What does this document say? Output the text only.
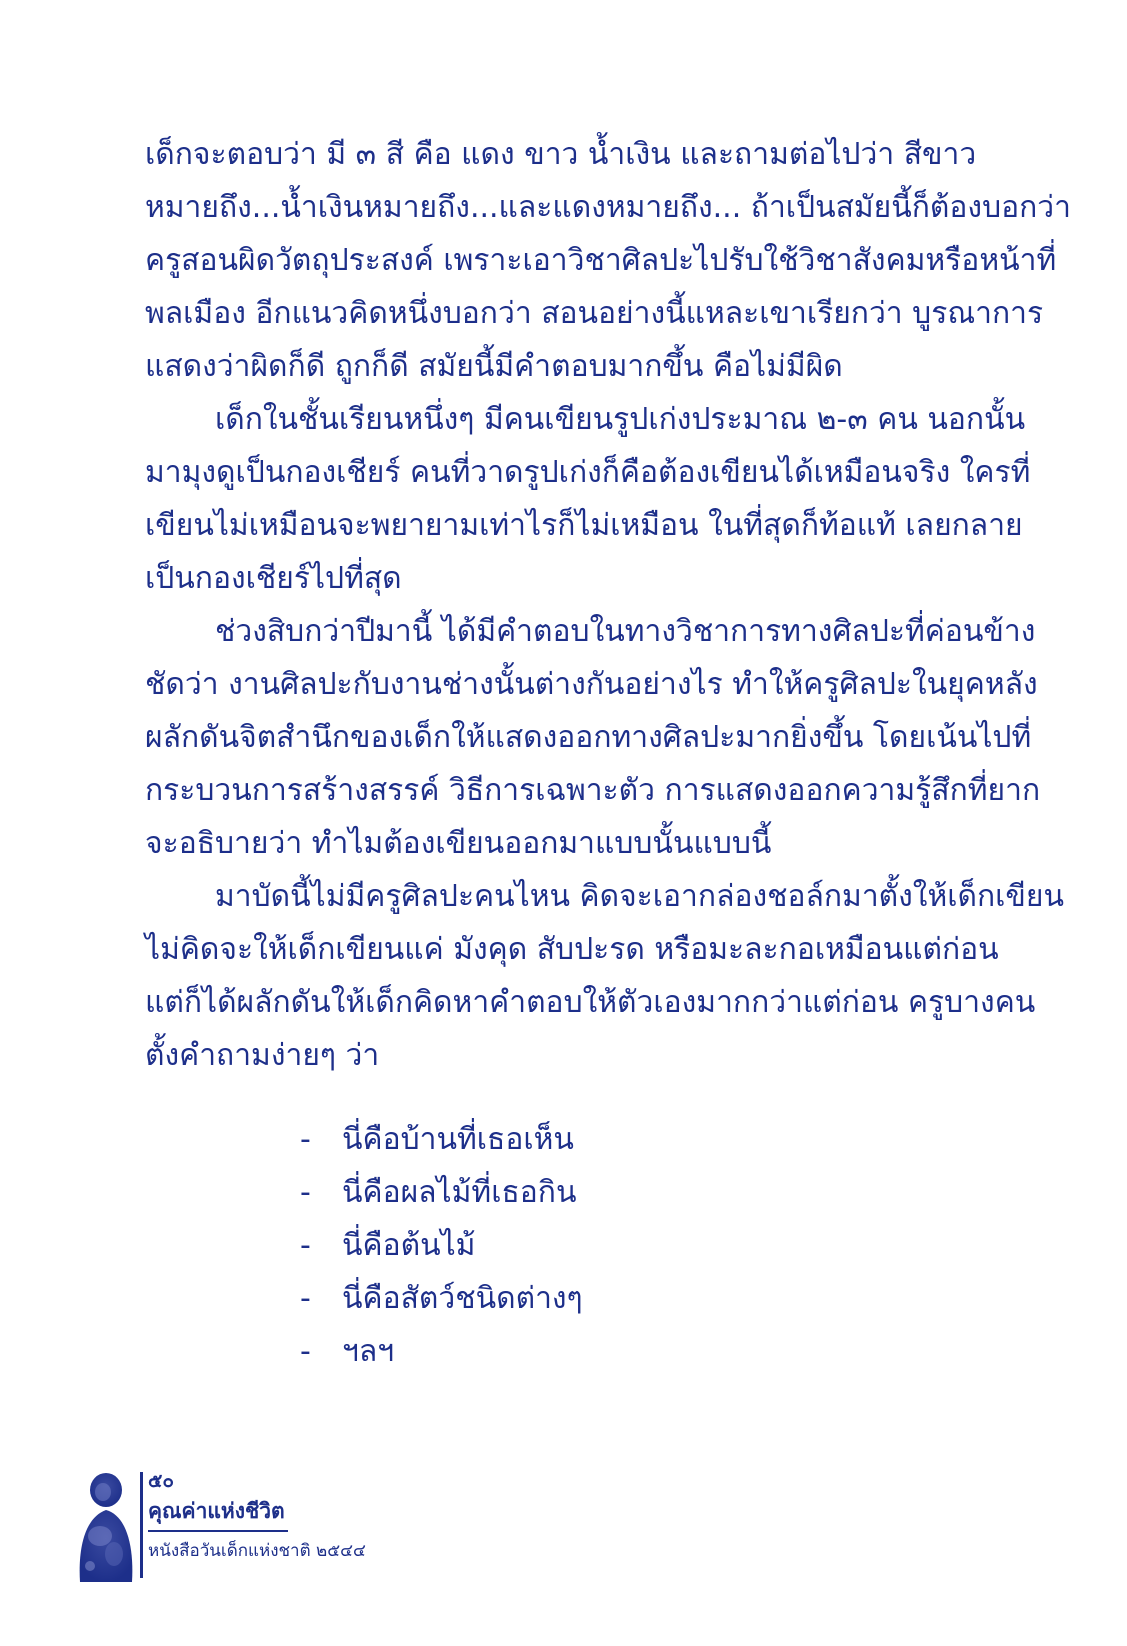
เด็กจะตอบว่า มี ๓ สี คือ แดง ขาว น้ำเงิน และถามต่อไปว่า สีขาว
หมายถึง...น้ำเงินหมายถึง...และแดงหมายถึง... ถ้าเป็นสมัยนี้ก็ต้องบอกว่า
ครูสอนผิดวัตถุประสงค์ เพราะเอาวิชาศิลปะไปรับใช้วิชาสังคมหรือหน้าที่
พลเมือง อีกแนวคิดหนึ่งบอกว่า สอนอย่างนี้แหละเขาเรียกว่า บูรณาการ
แสดงว่าผิดก็ดี ถูกก็ดี สมัยนี้มีคำตอบมากขึ้น คือไม่มีผิด
เด็กในชั้นเรียนหนึ่งๆ มีคนเขียนรูปเก่งประมาณ ๒-๓ คน นอกนั้น
มามุงดูเป็นกองเชียร์ คนที่วาดรูปเก่งก็คือต้องเขียนได้เหมือนจริง ใครที่
เขียนไม่เหมือนจะพยายามเท่าไรก็ไม่เหมือน ในที่สุดก็ท้อแท้ เลยกลาย
เป็นกองเชียร์ไปที่สุด
ช่วงสิบกว่าปีมานี้ ได้มีคำตอบในทางวิชาการทางศิลปะที่ค่อนข้าง
ชัดว่า งานศิลปะกับงานช่างนั้นต่างกันอย่างไร ทำให้ครูศิลปะในยุคหลัง
ผลักดันจิตสำนึกของเด็กให้แสดงออกทางศิลปะมากยิ่งขึ้น โดยเน้นไปที่
กระบวนการสร้างสรรค์ วิธีการเฉพาะตัว การแสดงออกความรู้สึกที่ยาก
จะอธิบายว่า ทำไมต้องเขียนออกมาแบบนั้นแบบนี้
มาบัดนี้ไม่มีครูศิลปะคนไหน คิดจะเอากล่องชอล์กมาตั้งให้เด็กเขียน
ไม่คิดจะให้เด็กเขียนแค่ มังคุด สับปะรด หรือมะละกอเหมือนแต่ก่อน
แต่ก็ได้ผลักดันให้เด็กคิดหาคำตอบให้ตัวเองมากกว่าแต่ก่อน ครูบางคน
ตั้งคำถามง่ายๆ ว่า
-	นี่คือบ้านที่เธอเห็น
-	นี่คือผลไม้ที่เธอกิน
-	นี่คือต้นไม้
-	นี่คือสัตว์ชนิดต่างๆ
-	ฯลฯ
๕๐
คุณค่าแห่งชีวิต
หนังสือวันเด็กแห่งชาติ ๒๕๔๔
